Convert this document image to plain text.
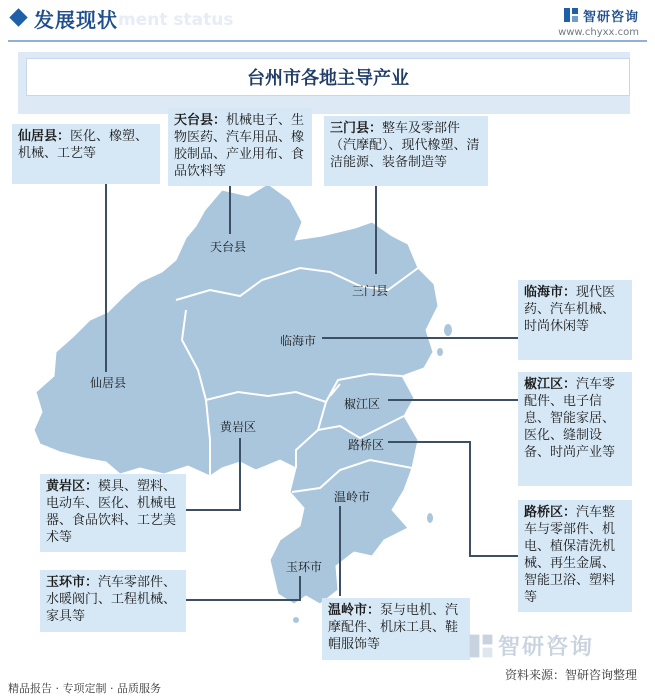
发展现状 ment status	智研咨询
www.chyxx.com
台州市各地主导产业
天台县
三门县
临海市
仙居县
椒江区
黄岩区
路桥区
温岭市
玉环市
仙居县：医化、橡塑、机械、工艺等
天台县：机械电子、生物医药、汽车用品、橡胶制品、产业用布、食品饮料等
三门县：整车及零部件（汽摩配）、现代橡塑、清洁能源、装备制造等
临海市：现代医药、汽车机械、时尚休闲等
椒江区：汽车零配件、电子信息、智能家居、医化、缝制设备、时尚产业等
黄岩区：模具、塑料、电动车、医化、机械电器、食品饮料、工艺美术等
路桥区：汽车整车与零部件、机电、植保清洗机械、再生金属、智能卫浴、塑料等
玉环市：汽车零部件、水暖阀门、工程机械、家具等	温岭市：泵与电机、汽摩配件、机床工具、鞋帽服饰等	智研咨询
资料来源：智研咨询整理
精品报告 · 专项定制 · 品质服务
